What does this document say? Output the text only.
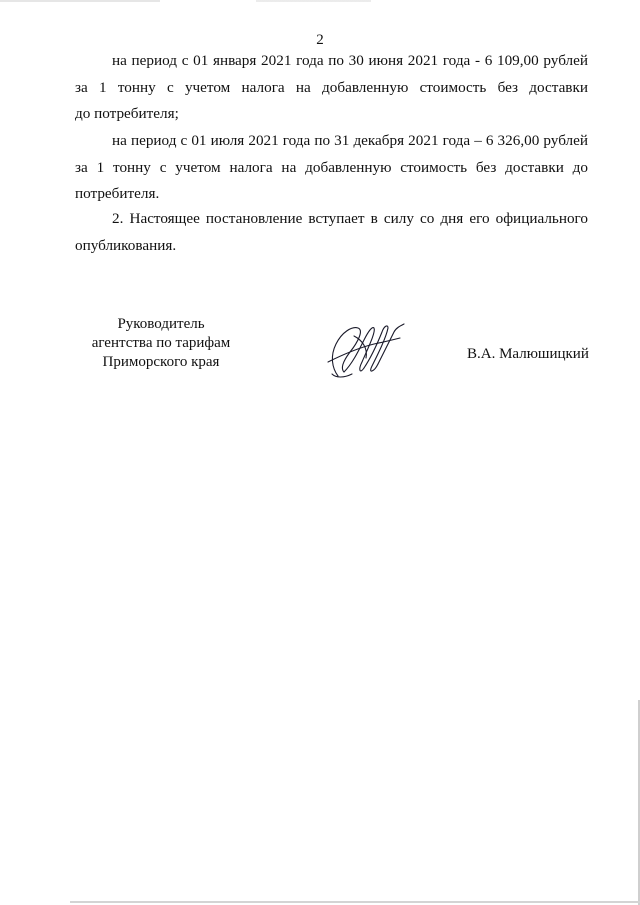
2
на период с 01 января 2021 года по 30 июня 2021 года - 6 109,00 рублей
за 1 тонну с учетом налога на добавленную стоимость без доставки
до потребителя;
на период с 01 июля 2021 года по 31 декабря 2021 года – 6 326,00 рублей
за 1 тонну с учетом налога на добавленную стоимость без доставки до
потребителя.
2. Настоящее постановление вступает в силу со дня его официального
опубликования.
Руководитель
агентства по тарифам
Приморского края	В.А. Малюшицкий
